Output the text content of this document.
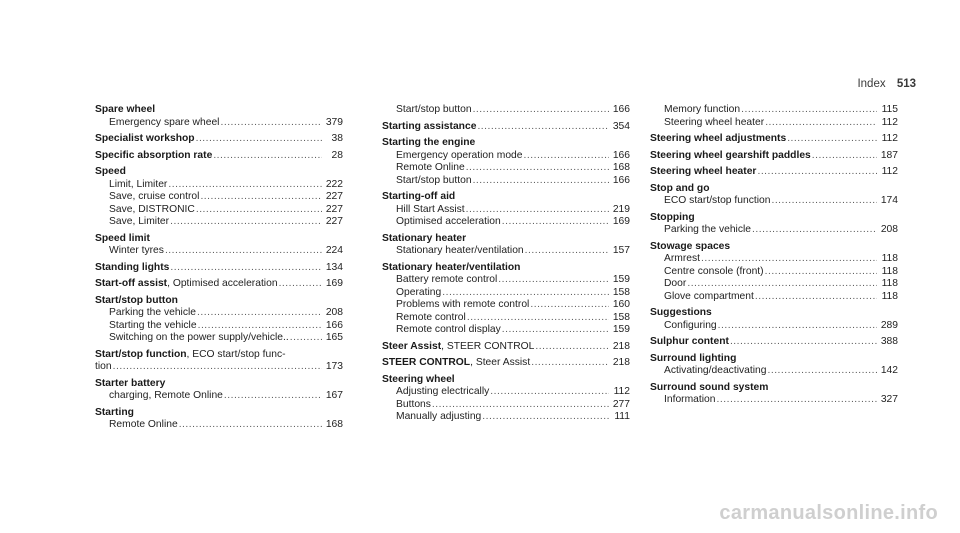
Index 513
Spare wheel
Emergency spare wheel .....	379
Specialist workshop .....	38
Specific absorption rate .....	28
Speed
Limit, Limiter .....	222
Save, cruise control .....	227
Save, DISTRONIC .....	227
Save, Limiter .....	227
Speed limit
Winter tyres .....	224
Standing lights .....	134
Start-off assist , Optimised acceleration .....	169
Start/stop button
Parking the vehicle .....	208
Starting the vehicle .....	166
Switching on the power supply/vehicle.. .....	165
Start/stop function, ECO start/stop func-
tion .....	173
Starter battery
charging, Remote Online .....	167
Starting
Remote Online .....	168
Start/stop button .....	166
Starting assistance .....	354
Starting the engine
Emergency operation mode .....	166
Remote Online .....	168
Start/stop button .....	166
Starting-off aid
Hill Start Assist .....	219
Optimised acceleration .....	169
Stationary heater
Stationary heater/ventilation .....	157
Stationary heater/ventilation
Battery remote control .....	159
Operating .....	158
Problems with remote control .....	160
Remote control .....	158
Remote control display .....	159
Steer Assist , STEER CONTROL .....	218
STEER CONTROL , Steer Assist .....	218
Steering wheel
Adjusting electrically .....	112
Buttons .....	277
Manually adjusting .....	111
Memory function .....	115
Steering wheel heater .....	112
Steering wheel adjustments .....	112
Steering wheel gearshift paddles .....	187
Steering wheel heater .....	112
Stop and go
ECO start/stop function .....	174
Stopping
Parking the vehicle .....	208
Stowage spaces
Armrest .....	118
Centre console (front) .....	118
Door .....	118
Glove compartment .....	118
Suggestions
Configuring .....	289
Sulphur content .....	388
Surround lighting
Activating/deactivating .....	142
Surround sound system
Information .....	327
carmanualsonline.info
